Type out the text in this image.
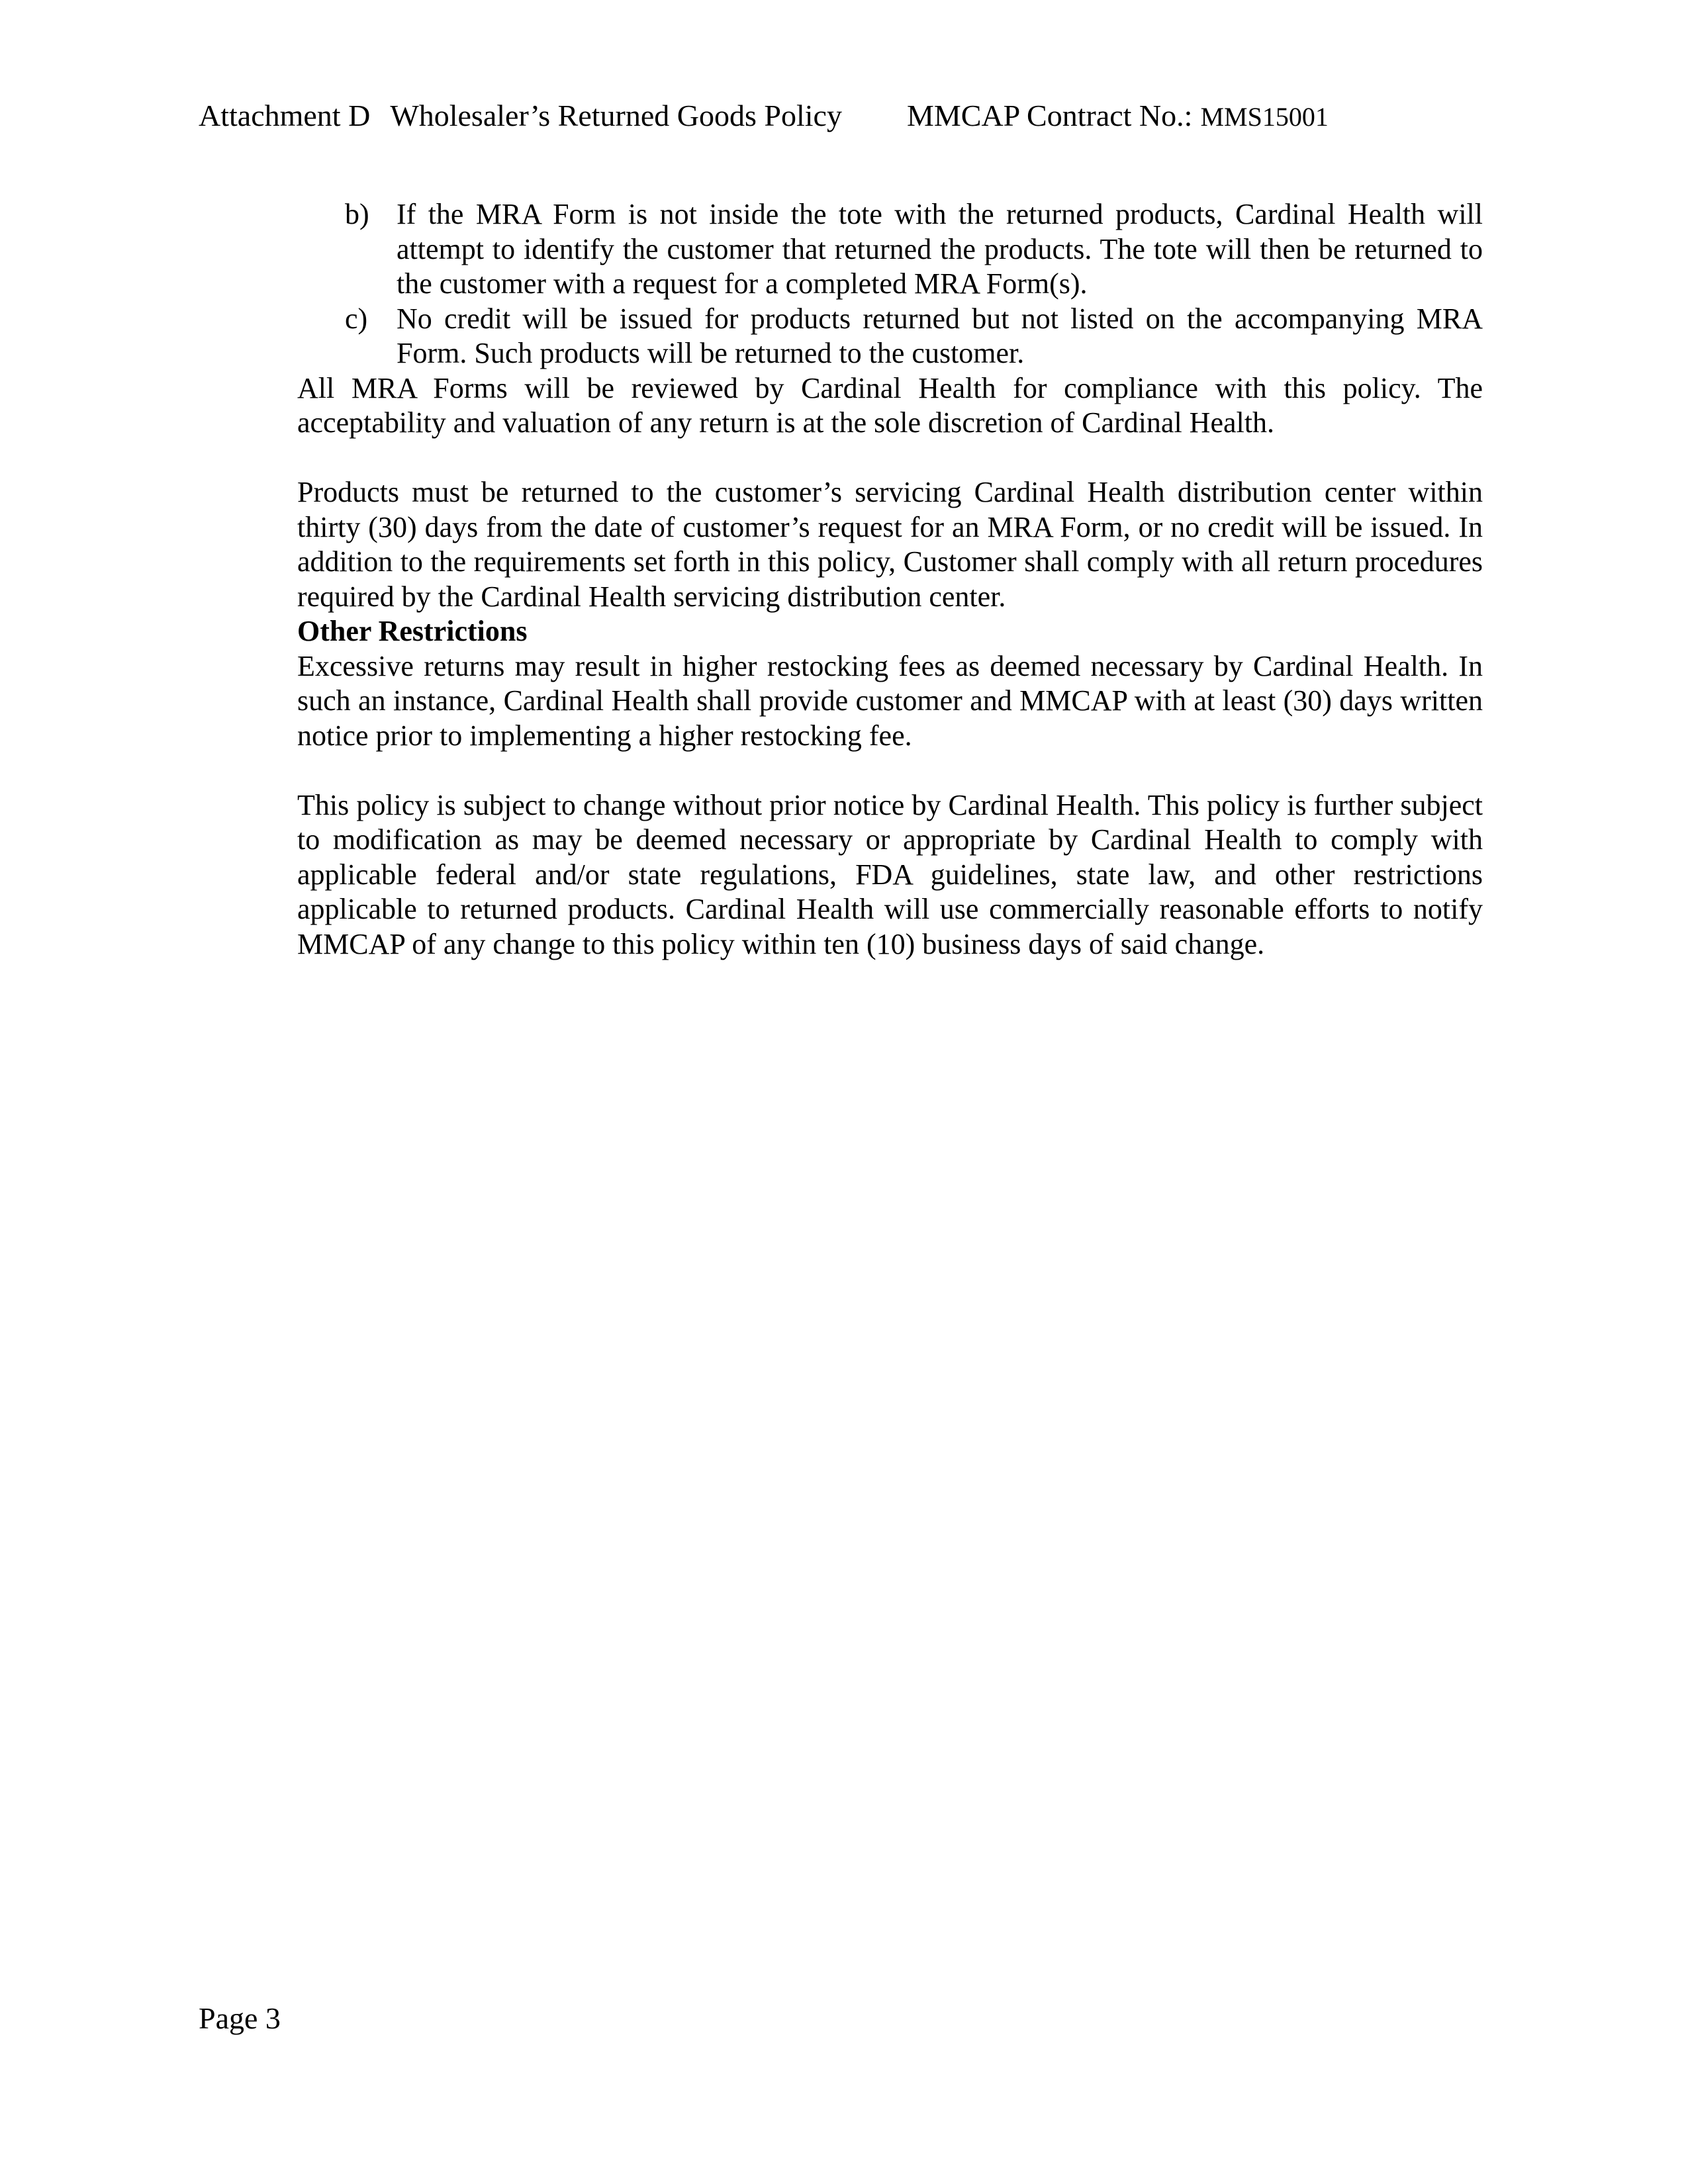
Attachment D Wholesaler’s Returned Goods Policy MMCAP Contract No.: MMS15001
b) If the MRA Form is not inside the tote with the returned products, Cardinal Health will attempt to identify the customer that returned the products. The tote will then be returned to the customer with a request for a completed MRA Form(s).
c) No credit will be issued for products returned but not listed on the accompanying MRA Form. Such products will be returned to the customer.

All MRA Forms will be reviewed by Cardinal Health for compliance with this policy. The acceptability and valuation of any return is at the sole discretion of Cardinal Health.

Products must be returned to the customer’s servicing Cardinal Health distribution center within thirty (30) days from the date of customer’s request for an MRA Form, or no credit will be issued. In addition to the requirements set forth in this policy, Customer shall comply with all return procedures required by the Cardinal Health servicing distribution center.

Other Restrictions

Excessive returns may result in higher restocking fees as deemed necessary by Cardinal Health. In such an instance, Cardinal Health shall provide customer and MMCAP with at least (30) days written notice prior to implementing a higher restocking fee.

This policy is subject to change without prior notice by Cardinal Health. This policy is further subject to modification as may be deemed necessary or appropriate by Cardinal Health to comply with applicable federal and/or state regulations, FDA guidelines, state law, and other restrictions applicable to returned products. Cardinal Health will use commercially reasonable efforts to notify MMCAP of any change to this policy within ten (10) business days of said change.

Page 3
